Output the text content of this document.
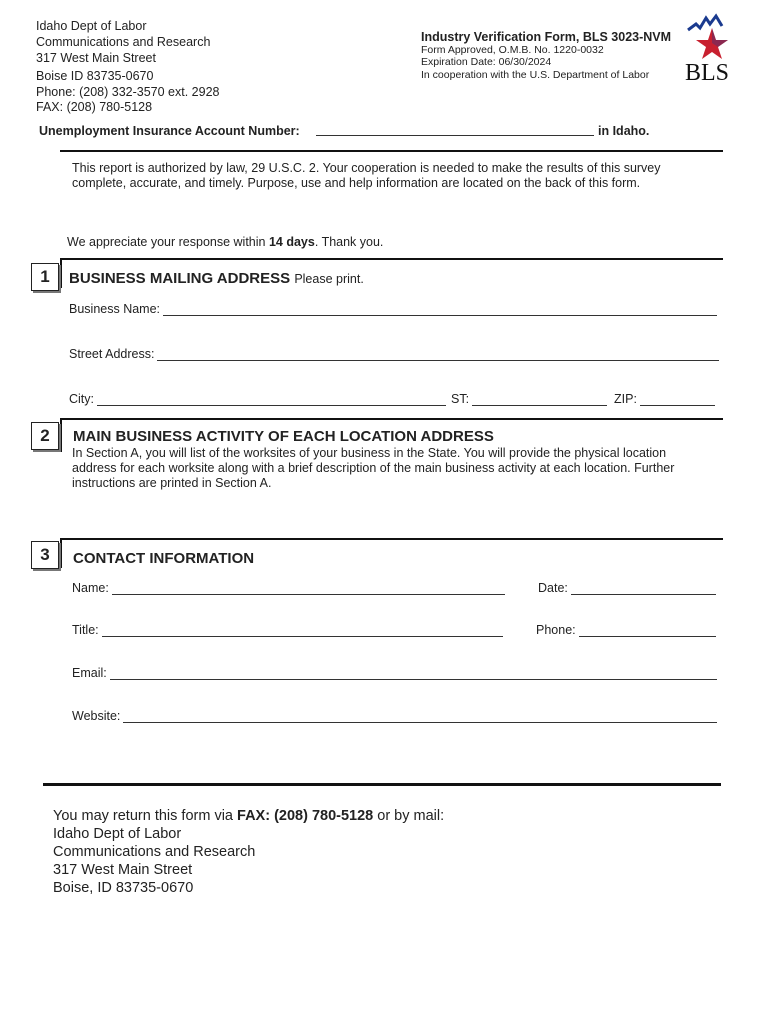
Idaho Dept of Labor
Communications and Research
317 West Main Street
Boise ID 83735-0670
Phone: (208) 332-3570 ext. 2928
FAX: (208) 780-5128
Industry Verification Form, BLS 3023-NVM
Form Approved, O.M.B. No. 1220-0032
Expiration Date: 06/30/2024
In cooperation with the U.S. Department of Labor BLS
Unemployment Insurance Account Number:	in Idaho.
This report is authorized by law, 29 U.S.C. 2. Your cooperation is needed to make the results of this survey complete, accurate, and timely. Purpose, use and help information are located on the back of this form.
We appreciate your response within 14 days. Thank you.
1	BUSINESS MAILING ADDRESS Please print.
Business Name:
Street Address:
City:	ST:	ZIP:
2	MAIN BUSINESS ACTIVITY OF EACH LOCATION ADDRESS
In Section A, you will list of the worksites of your business in the State. You will provide the physical location address for each worksite along with a brief description of the main business activity at each location. Further instructions are printed in Section A.
3	CONTACT INFORMATION
Name:	Date:
Title:	Phone:
Email:
Website:
You may return this form via FAX: (208) 780-5128 or by mail:
Idaho Dept of Labor
Communications and Research
317 West Main Street
Boise, ID 83735-0670
